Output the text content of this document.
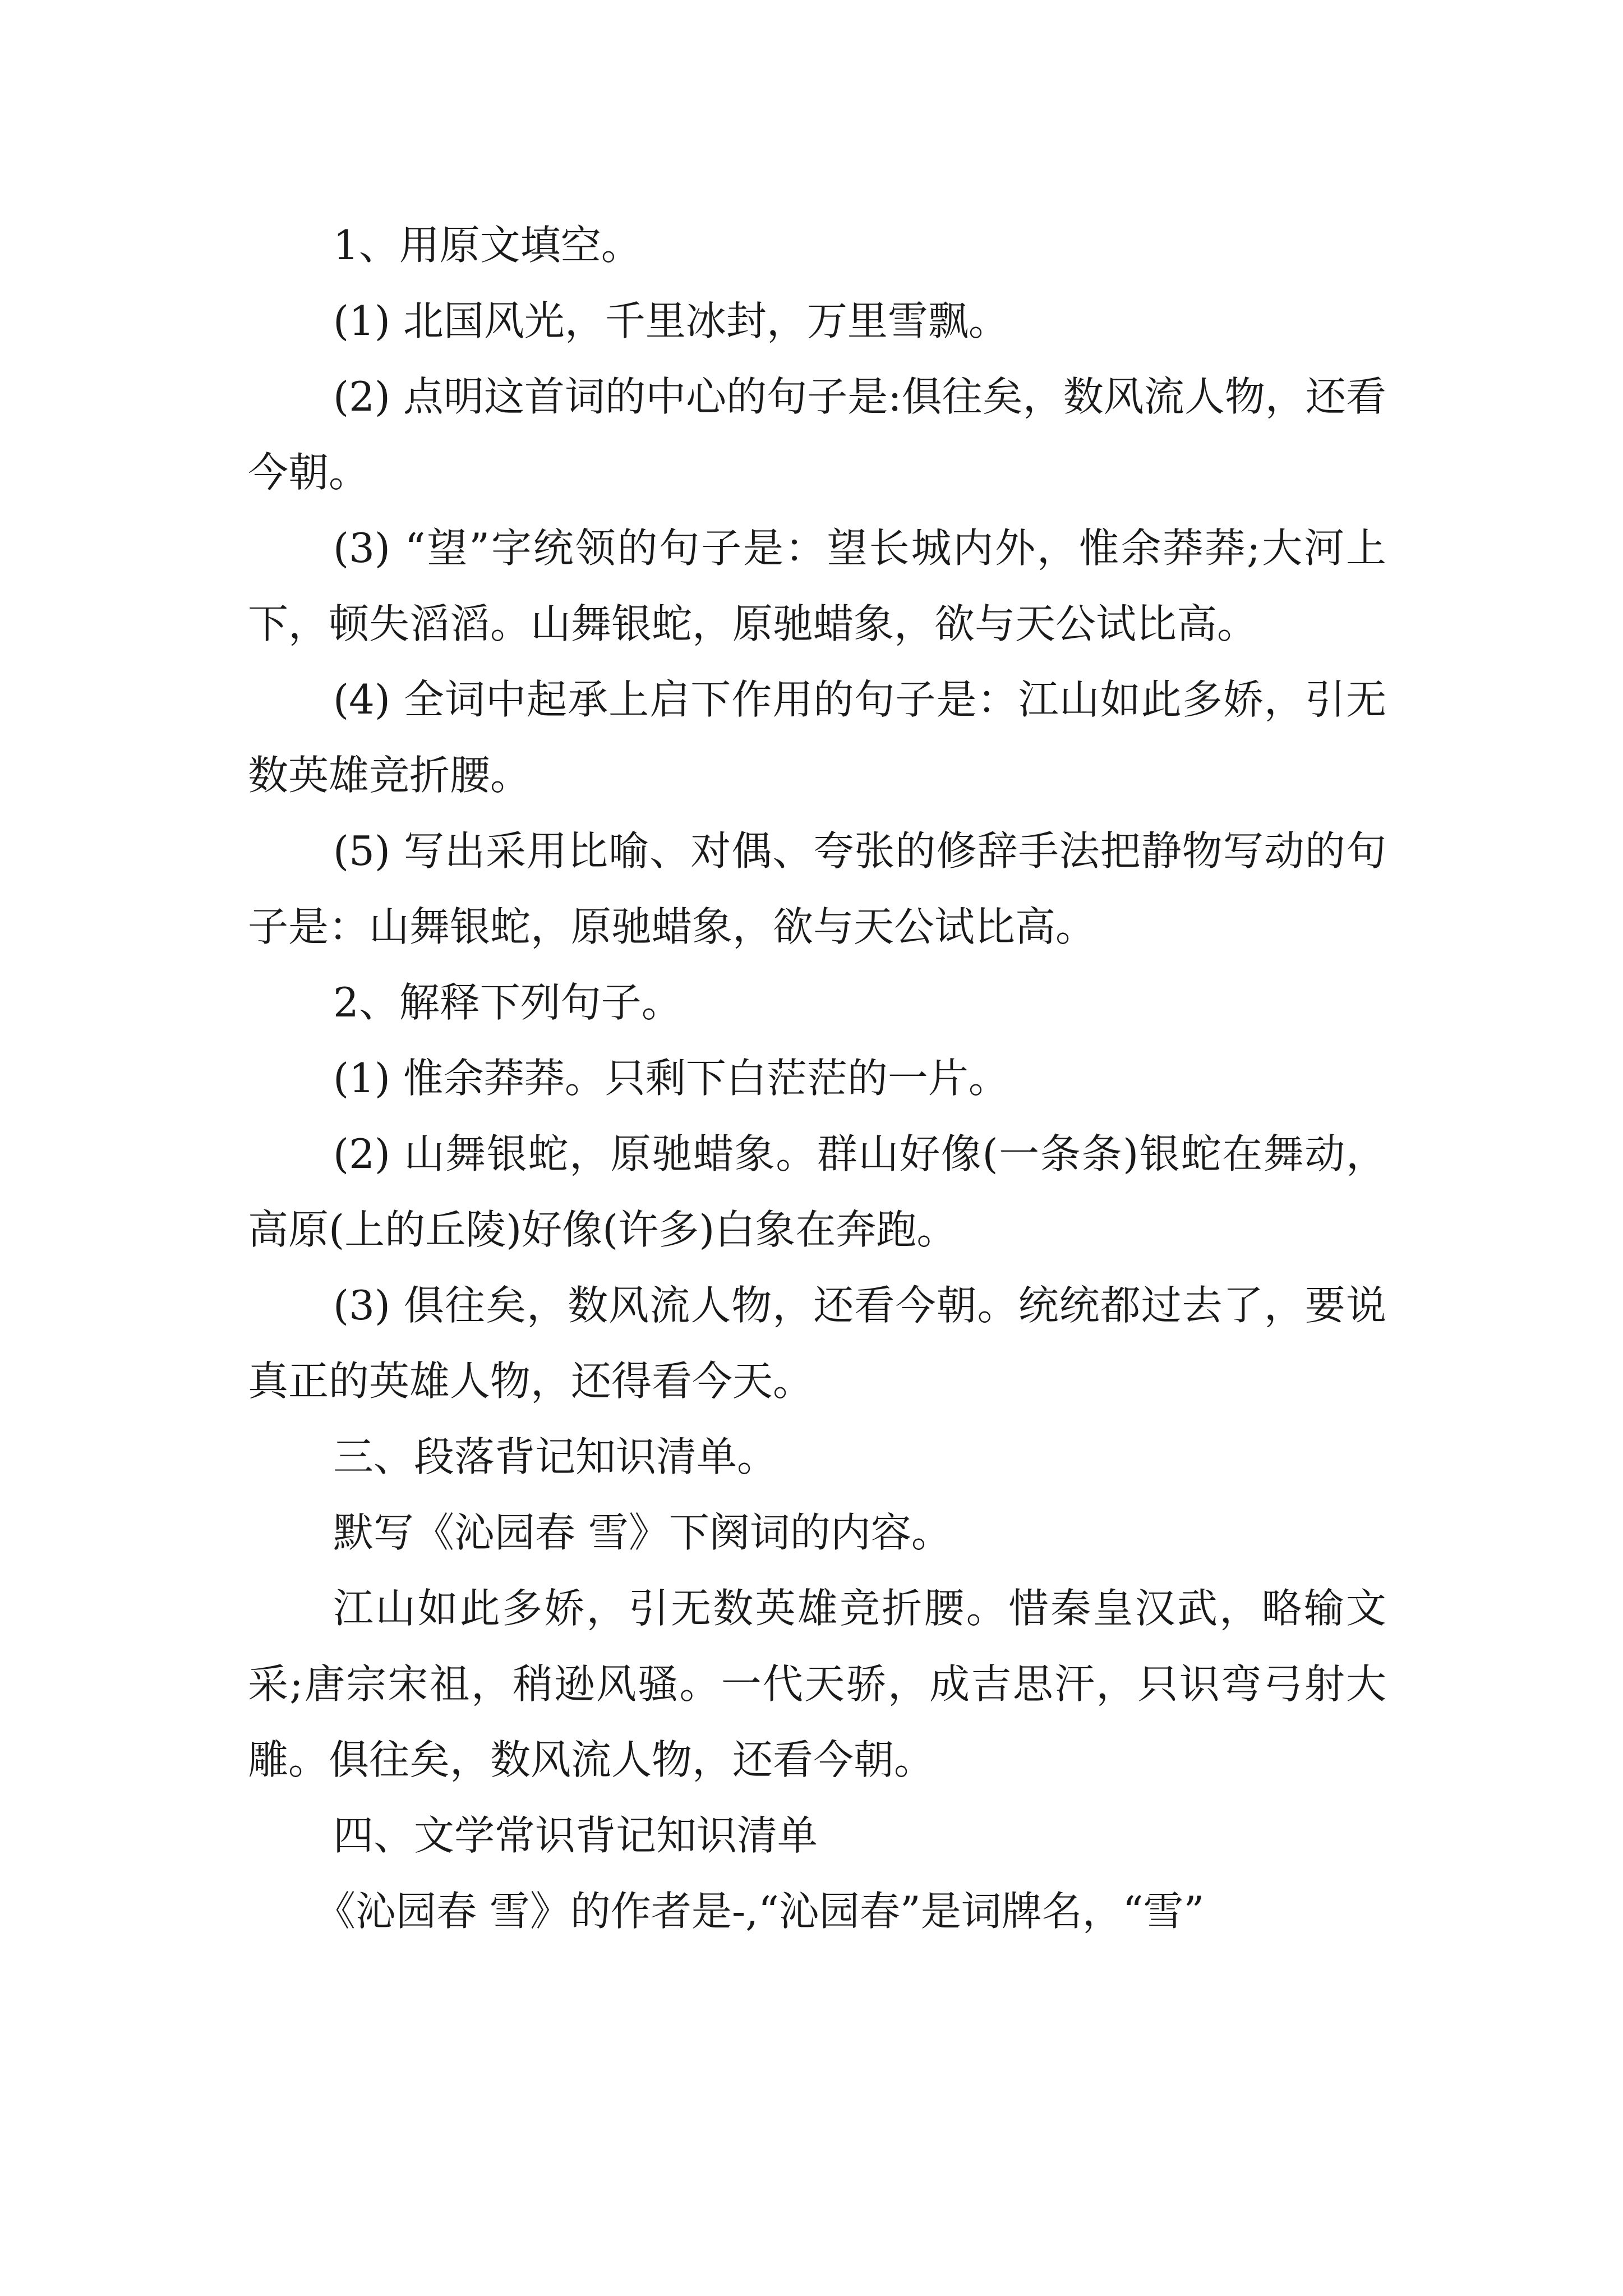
1、用原文填空。

(1) 北国风光，千里冰封，万里雪飘。

(2) 点明这首词的中心的句子是:俱往矣，数风流人物，还看今朝。

(3) “望”字统领的句子是：望长城内外，惟余莽莽;大河上下，顿失滔滔。山舞银蛇，原驰蜡象，欲与天公试比高。

(4) 全词中起承上启下作用的句子是：江山如此多娇，引无数英雄竞折腰。

(5) 写出采用比喻、对偶、夸张的修辞手法把静物写动的句子是：山舞银蛇，原驰蜡象，欲与天公试比高。

2、解释下列句子。

(1) 惟余莽莽。只剩下白茫茫的一片。

(2) 山舞银蛇，原驰蜡象。群山好像(一条条)银蛇在舞动，高原(上的丘陵)好像(许多)白象在奔跑。

(3) 俱往矣，数风流人物，还看今朝。统统都过去了，要说真正的英雄人物，还得看今天。

三、段落背记知识清单。

默写《沁园春 雪》下阕词的内容。

江山如此多娇，引无数英雄竞折腰。惜秦皇汉武，略输文采;唐宗宋祖，稍逊风骚。一代天骄，成吉思汗，只识弯弓射大雕。俱往矣，数风流人物，还看今朝。

四、文学常识背记知识清单

《沁园春 雪》的作者是-,“沁园春”是词牌名，“雪”
